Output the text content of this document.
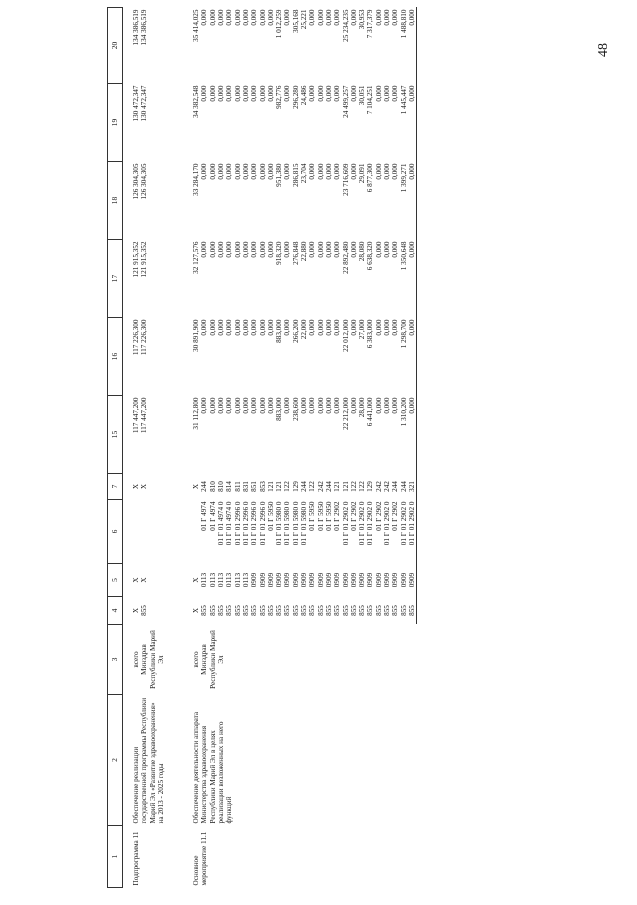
48
1	2	3	4	5	6	7	15	16	17	18	19	20

Подпрограмма 11	Обеспечение реализации государственной программы Республики Марий Эл «Развитие здравоохранения» на 2013 - 2025 годы	всего	X	X		X	117 447,200	117 226,300	121 915,352	126 304,305	130 472,347	134 386,519
		Минздрав Республики Марий Эл	855	X		X	117 447,200	117 226,300	121 915,352	126 304,305	130 472,347	134 386,519

Основное мероприятие 11.1	Обеспечение деятельности аппарата Министерства здравоохранения Республики Марий Эл в целях реализации возложенных на него функций	всего	X	X		X	31 112,800	30 891,900	32 127,576	33 284,170	34 382,548	35 414,025
		Минздрав Республики Марий Эл	855	0113	01 Г 4974	244	0,000	0,000	0,000	0,000	0,000	0,000
			855	0113	01 Г 4974	810	0,000	0,000	0,000	0,000	0,000	0,000
			855	0113	01 Г 01 4974 0	810	0,000	0,000	0,000	0,000	0,000	0,000
			855	0113	01 Г 01 4974 0	814	0,000	0,000	0,000	0,000	0,000	0,000
			855	0113	01 Г 01 2996 0	811	0,000	0,000	0,000	0,000	0,000	0,000
			855	0113	01 Г 01 2996 0	831	0,000	0,000	0,000	0,000	0,000	0,000
			855	0909	01 Г 01 2996 0	851	0,000	0,000	0,000	0,000	0,000	0,000
			855	0909	01 Г 01 2996 0	853	0,000	0,000	0,000	0,000	0,000	0,000
			855	0909	01 Г 5950	121	0,000	0,000	0,000	0,000	0,000	0,000
			855	0909	01 Г 01 5980 0	121	883,000	883,000	918,320	951,380	982,776	1 012,259
			855	0909	01 Г 01 5980 0	122	0,000	0,000	0,000	0,000	0,000	0,000
			855	0909	01 Г 01 5980 0	129	238,600	266,200	276,848	286,815	296,280	305,168
			855	0909	01 Г 01 5980 0	244	0,000	22,000	22,880	23,704	24,486	25,221
			855	0909	01 Г 5950	122	0,000	0,000	0,000	0,000	0,000	0,000
			855	0909	01 Г 5950	242	0,000	0,000	0,000	0,000	0,000	0,000
			855	0909	01 Г 5950	244	0,000	0,000	0,000	0,000	0,000	0,000
			855	0909	01 Г 2902	121	0,000	0,000	0,000	0,000	0,000	0,000
			855	0909	01 Г 01 2902 0	121	22 212,000	22 012,000	22 892,480	23 716,609	24 499,257	25 234,235
			855	0909	01 Г 2902	122	0,000	0,000	0,000	0,000	0,000	0,000
			855	0909	01 Г 01 2902 0	122	28,000	27,000	28,080	29,091	30,051	30,953
			855	0909	01 Г 01 2902 0	129	6 441,000	6 383,000	6 638,320	6 877,300	7 104,251	7 317,379
			855	0909	01 Г 2902	242	0,000	0,000	0,000	0,000	0,000	0,000
			855	0909	01 Г 01 2902 0	242	0,000	0,000	0,000	0,000	0,000	0,000
			855	0909	01 Г 2902	244	0,000	0,000	0,000	0,000	0,000	0,000
			855	0909	01 Г 01 2902 0	244	1 310,200	1 298,700	1 350,648	1 399,271	1 445,447	1 488,810
			855	0909	01 Г 01 2902 0	321	0,000	0,000	0,000	0,000	0,000	0,000
